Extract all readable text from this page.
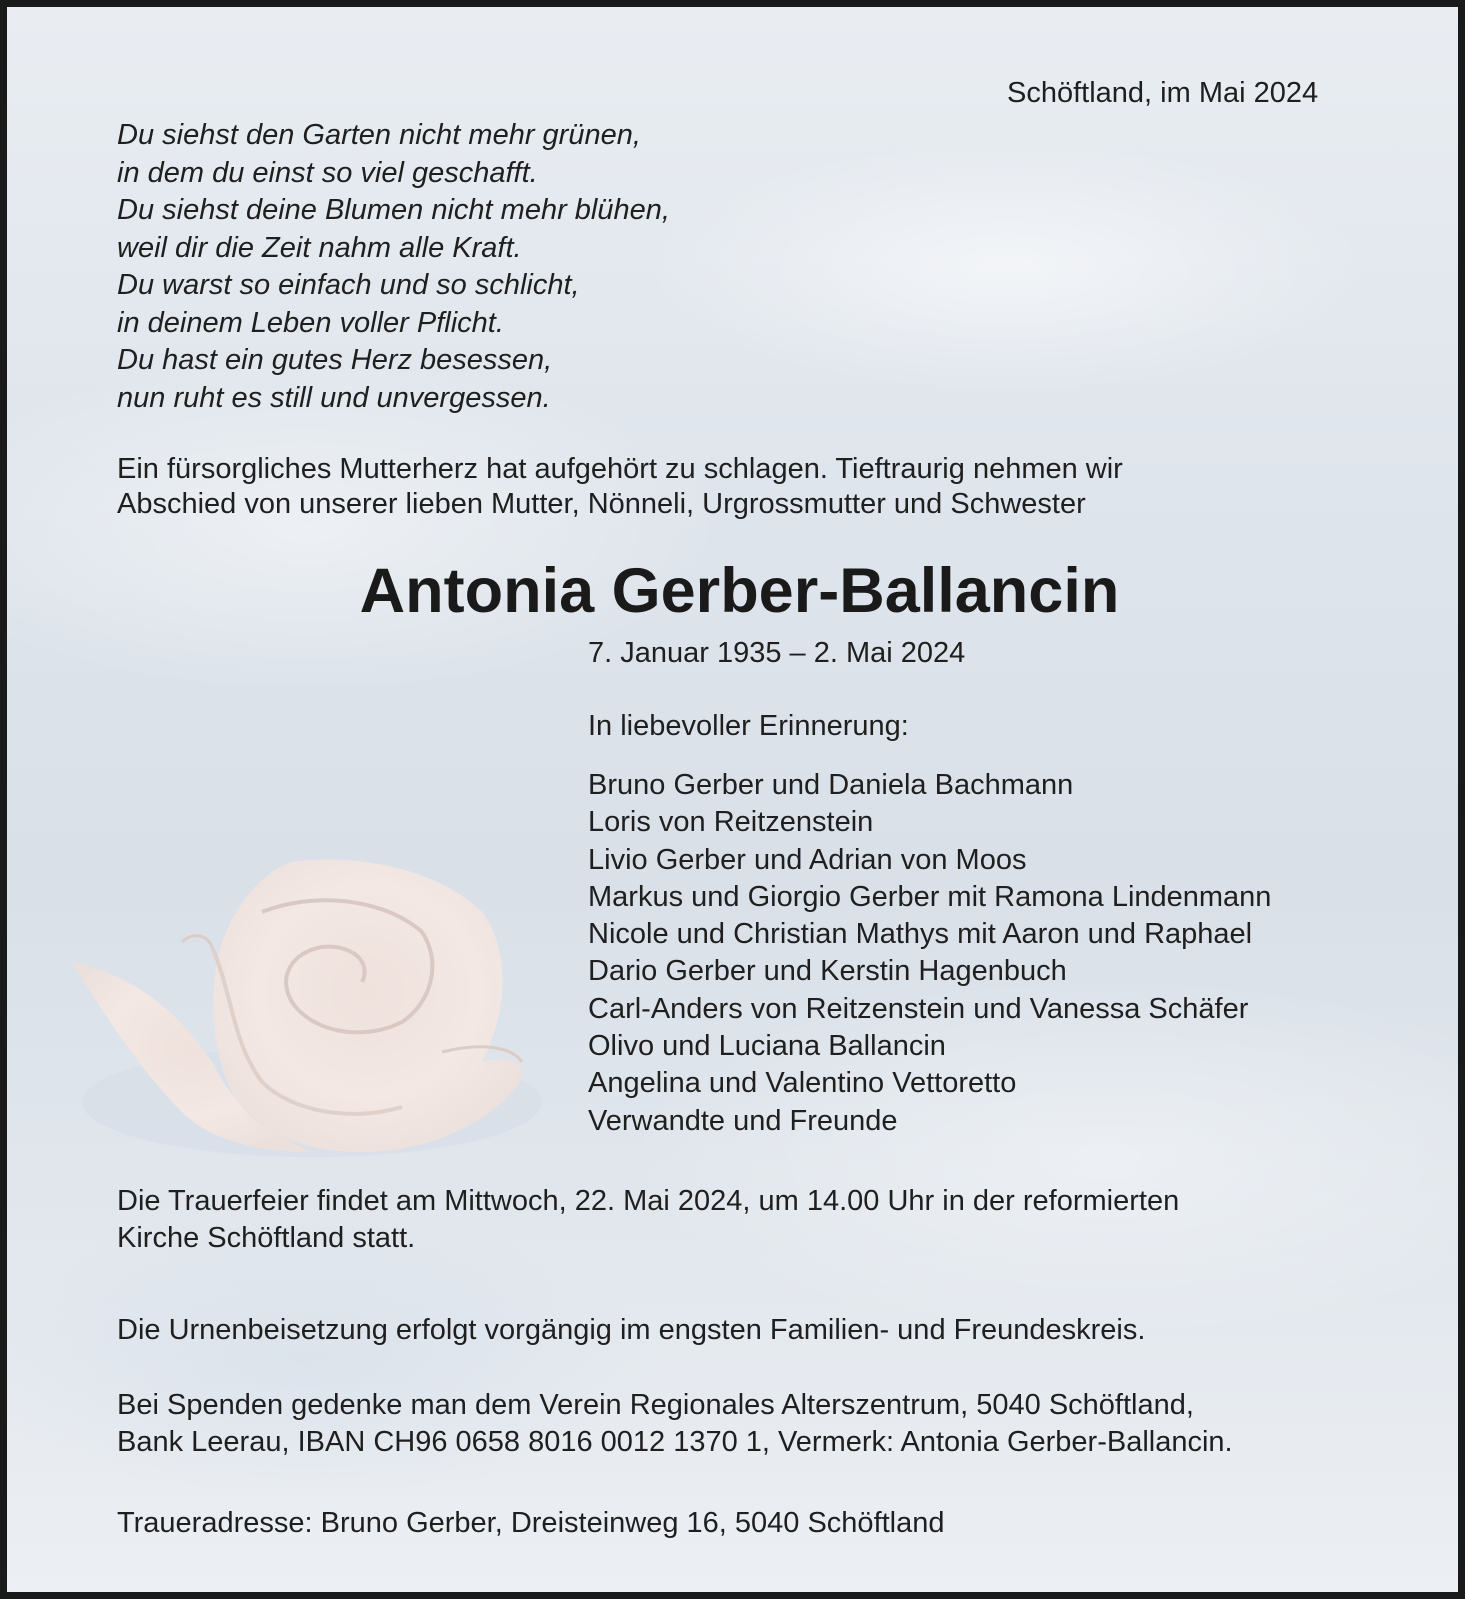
Schöftland, im Mai 2024

Du siehst den Garten nicht mehr grünen,
in dem du einst so viel geschafft.
Du siehst deine Blumen nicht mehr blühen,
weil dir die Zeit nahm alle Kraft.
Du warst so einfach und so schlicht,
in deinem Leben voller Pflicht.
Du hast ein gutes Herz besessen,
nun ruht es still und unvergessen.
Ein fürsorgliches Mutterherz hat aufgehört zu schlagen. Tieftraurig nehmen wir
Abschied von unserer lieben Mutter, Nönneli, Urgrossmutter und Schwester
Antonia Gerber-Ballancin

7. Januar 1935 – 2. Mai 2024

In liebevoller Erinnerung:

Bruno Gerber und Daniela Bachmann
Loris von Reitzenstein
Livio Gerber und Adrian von Moos
Markus und Giorgio Gerber mit Ramona Lindenmann
Nicole und Christian Mathys mit Aaron und Raphael
Dario Gerber und Kerstin Hagenbuch
Carl-Anders von Reitzenstein und Vanessa Schäfer
Olivo und Luciana Ballancin
Angelina und Valentino Vettoretto
Verwandte und Freunde
Die Trauerfeier findet am Mittwoch, 22. Mai 2024, um 14.00 Uhr in der reformierten
Kirche Schöftland statt.
Die Urnenbeisetzung erfolgt vorgängig im engsten Familien- und Freundeskreis.
Bei Spenden gedenke man dem Verein Regionales Alterszentrum, 5040 Schöftland,
Bank Leerau, IBAN CH96 0658 8016 0012 1370 1, Vermerk: Antonia Gerber-Ballancin.
Traueradresse: Bruno Gerber, Dreisteinweg 16, 5040 Schöftland
